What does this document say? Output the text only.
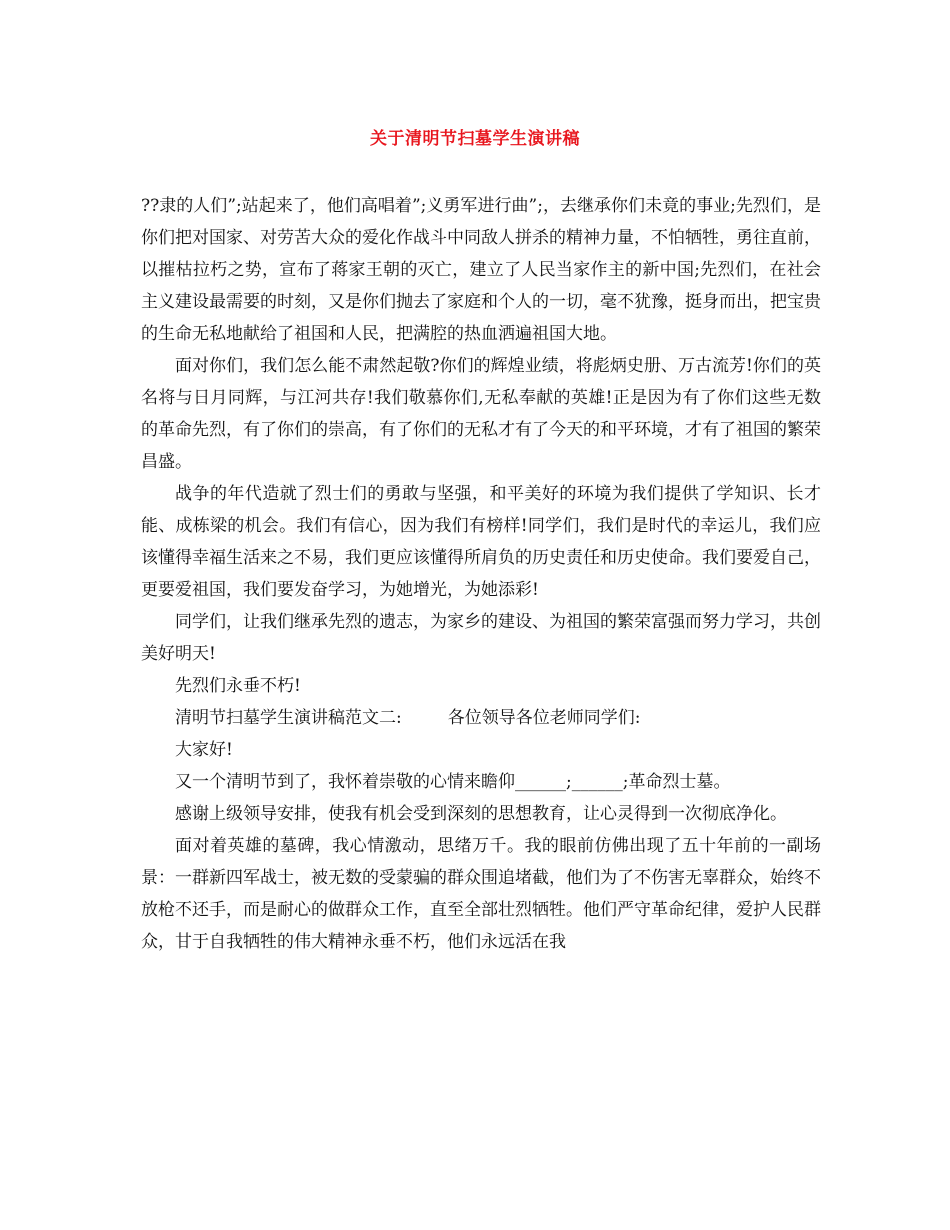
关于清明节扫墓学生演讲稿

??隶的人们”;站起来了，他们高唱着”;义勇军进行曲”;，去继承你们未竟的事业;先烈们，是你们把对国家、对劳苦大众的爱化作战斗中同敌人拼杀的精神力量，不怕牺牲，勇往直前，以摧枯拉朽之势，宣布了蒋家王朝的灭亡，建立了人民当家作主的新中国;先烈们，在社会主义建设最需要的时刻，又是你们抛去了家庭和个人的一切，毫不犹豫，挺身而出，把宝贵的生命无私地献给了祖国和人民，把满腔的热血洒遍祖国大地。

面对你们，我们怎么能不肃然起敬?你们的辉煌业绩，将彪炳史册、万古流芳!你们的英名将与日月同辉，与江河共存!我们敬慕你们,无私奉献的英雄!正是因为有了你们这些无数的革命先烈，有了你们的崇高，有了你们的无私才有了今天的和平环境，才有了祖国的繁荣昌盛。

战争的年代造就了烈士们的勇敢与坚强，和平美好的环境为我们提供了学知识、长才能、成栋梁的机会。我们有信心，因为我们有榜样!同学们，我们是时代的幸运儿，我们应该懂得幸福生活来之不易，我们更应该懂得所肩负的历史责任和历史使命。我们要爱自己，更要爱祖国，我们要发奋学习，为她增光，为她添彩!

同学们，让我们继承先烈的遗志，为家乡的建设、为祖国的繁荣富强而努力学习，共创美好明天!

先烈们永垂不朽!

清明节扫墓学生演讲稿范文二:	各位领导各位老师同学们:

大家好!

又一个清明节到了，我怀着崇敬的心情来瞻仰______;______;革命烈士墓。

感谢上级领导安排，使我有机会受到深刻的思想教育，让心灵得到一次彻底净化。

面对着英雄的墓碑，我心情激动，思绪万千。我的眼前仿佛出现了五十年前的一副场景：一群新四军战士，被无数的受蒙骗的群众围追堵截，他们为了不伤害无辜群众，始终不放枪不还手，而是耐心的做群众工作，直至全部壮烈牺牲。他们严守革命纪律，爱护人民群众，甘于自我牺牲的伟大精神永垂不朽，他们永远活在我
